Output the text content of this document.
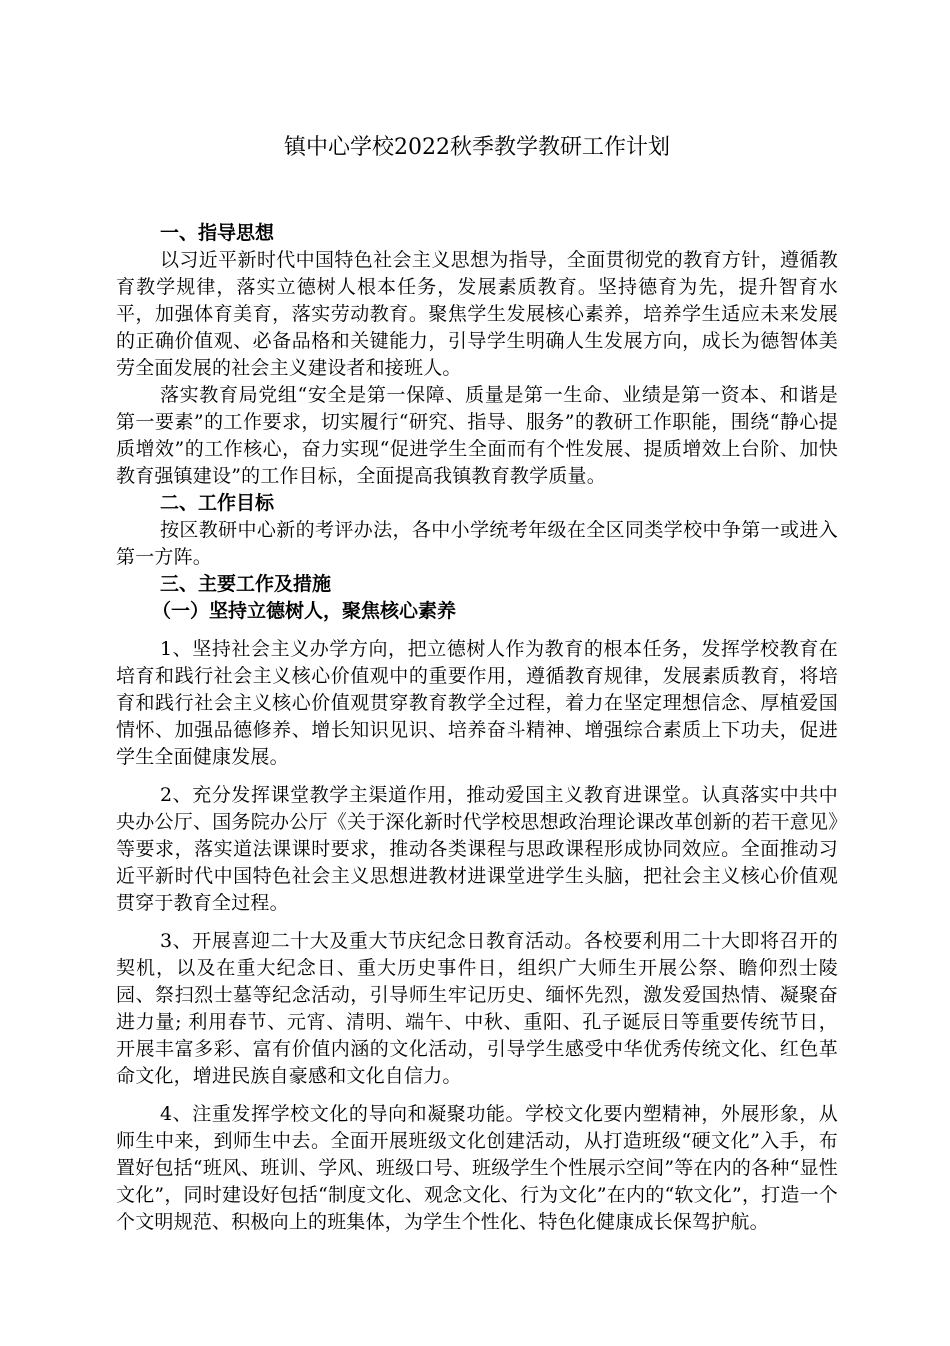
镇中心学校2022秋季教学教研工作计划

一、指导思想

以习近平新时代中国特色社会主义思想为指导，全面贯彻党的教育方针，遵循教育教学规律，落实立德树人根本任务，发展素质教育。坚持德育为先，提升智育水平，加强体育美育，落实劳动教育。聚焦学生发展核心素养，培养学生适应未来发展的正确价值观、必备品格和关键能力，引导学生明确人生发展方向，成长为德智体美劳全面发展的社会主义建设者和接班人。

落实教育局党组“安全是第一保障、质量是第一生命、业绩是第一资本、和谐是第一要素”的工作要求，切实履行“研究、指导、服务”的教研工作职能，围绕“静心提质增效”的工作核心，奋力实现“促进学生全面而有个性发展、提质增效上台阶、加快教育强镇建设”的工作目标，全面提高我镇教育教学质量。

二、工作目标

按区教研中心新的考评办法，各中小学统考年级在全区同类学校中争第一或进入第一方阵。

三、主要工作及措施

（一）坚持立德树人，聚焦核心素养

1、坚持社会主义办学方向，把立德树人作为教育的根本任务，发挥学校教育在培育和践行社会主义核心价值观中的重要作用，遵循教育规律，发展素质教育，将培育和践行社会主义核心价值观贯穿教育教学全过程，着力在坚定理想信念、厚植爱国情怀、加强品德修养、增长知识见识、培养奋斗精神、增强综合素质上下功夫，促进学生全面健康发展。

2、充分发挥课堂教学主渠道作用，推动爱国主义教育进课堂。认真落实中共中央办公厅、国务院办公厅《关于深化新时代学校思想政治理论课改革创新的若干意见》等要求，落实道法课课时要求，推动各类课程与思政课程形成协同效应。全面推动习近平新时代中国特色社会主义思想进教材进课堂进学生头脑，把社会主义核心价值观贯穿于教育全过程。

3、开展喜迎二十大及重大节庆纪念日教育活动。各校要利用二十大即将召开的契机，以及在重大纪念日、重大历史事件日，组织广大师生开展公祭、瞻仰烈士陵园、祭扫烈士墓等纪念活动，引导师生牢记历史、缅怀先烈，激发爱国热情、凝聚奋进力量; 利用春节、元宵、清明、端午、中秋、重阳、孔子诞辰日等重要传统节日，开展丰富多彩、富有价值内涵的文化活动，引导学生感受中华优秀传统文化、红色革命文化，增进民族自豪感和文化自信力。

4、注重发挥学校文化的导向和凝聚功能。学校文化要内塑精神，外展形象，从师生中来，到师生中去。全面开展班级文化创建活动，从打造班级“硬文化”入手，布置好包括“班风、班训、学风、班级口号、班级学生个性展示空间”等在内的各种“显性文化”，同时建设好包括“制度文化、观念文化、行为文化”在内的“软文化”，打造一个个文明规范、积极向上的班集体，为学生个性化、特色化健康成长保驾护航。
